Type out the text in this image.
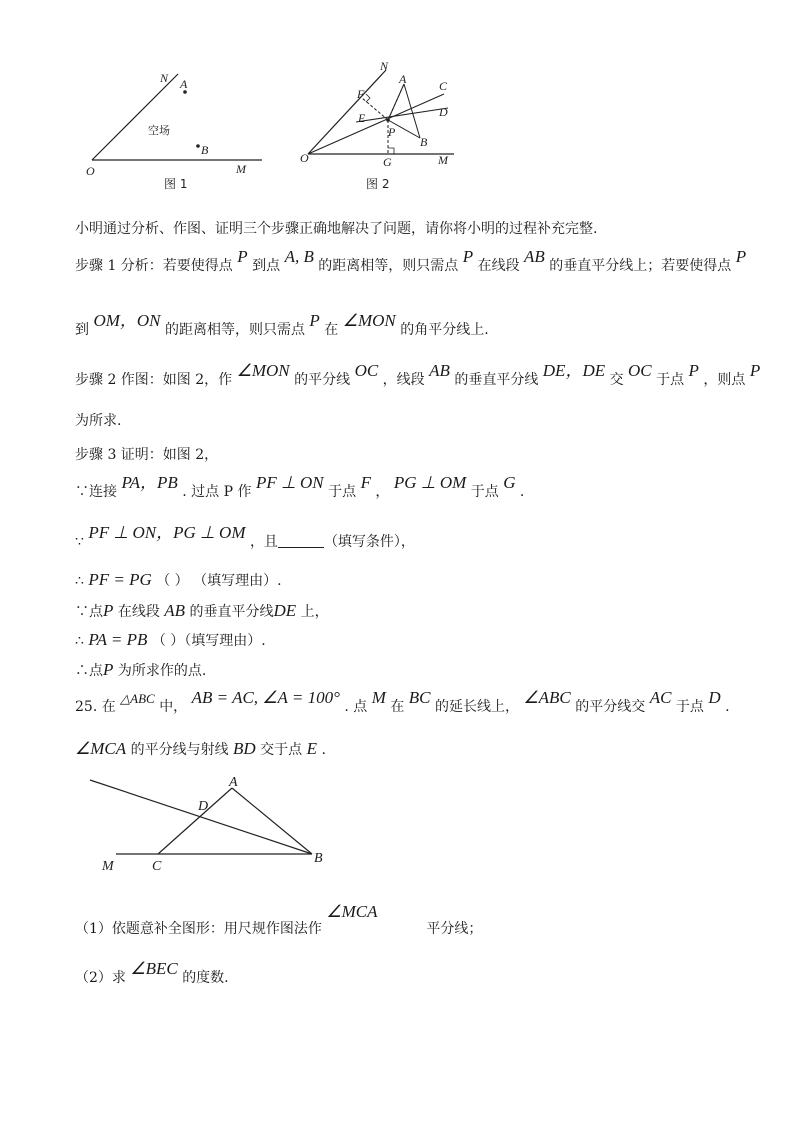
N A
空场
B
O	M
图 1
N
A	C
F
D
E
P
B
O	G	M
图 2
小明通过分析、作图、证明三个步骤正确地解决了问题，请你将小明的过程补充完整.
步骤 1 分析：若要使得点 P 到点 A, B 的距离相等，则只需点 P 在线段 AB 的垂直平分线上；若要使得点 P
到 OM，ON 的距离相等，则只需点 P 在 ∠MON 的角平分线上.
步骤 2 作图：如图 2，作 ∠MON 的平分线 OC ，线段 AB 的垂直平分线 DE，DE 交 OC 于点 P ，则点 P
为所求.
步骤 3 证明：如图 2，
∵连接 PA，PB . 过点 P 作 PF ⊥ ON 于点 F ， PG ⊥ OM 于点 G .
∵ PF ⊥ ON，PG ⊥ OM ，且	（填写条件），
∴ PF = PG （ ） （填写理由）.
∵点P 在线段 AB 的垂直平分线DE 上，
∴ PA = PB （ ）（填写理由）.
∴点P 为所求作的点.
25. 在 △ABC 中， AB = AC, ∠A = 100° . 点 M 在 BC 的延长线上， ∠ABC 的平分线交 AC 于点 D .
∠MCA 的平分线与射线 BD 交于点 E .
A
D
M	C
B
（1）依题意补全图形：用尺规作图法作 ∠MCA  平分线；
（2）求 ∠BEC 的度数.
